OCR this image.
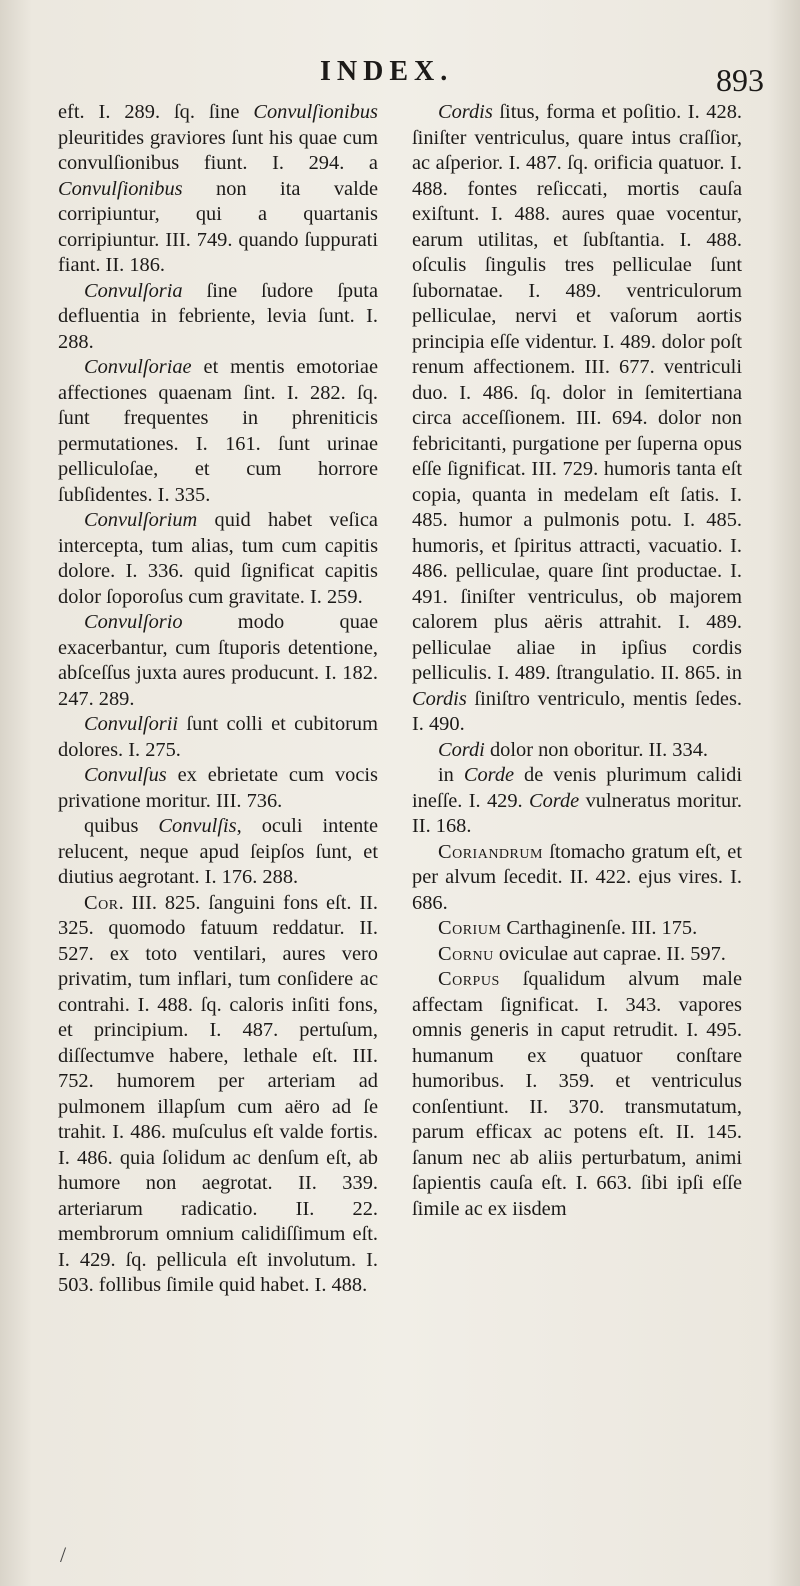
INDEX.	893

eft. I. 289. ſq. ſine Convulſionibus pleuritides graviores ſunt his quae cum convulſionibus fiunt. I. 294. a Convulſionibus non ita valde corripiuntur, qui a quartanis corripiuntur. III. 749. quando ſuppurati fiant. II. 186.

Convulſoria ſine ſudore ſputa defluentia in febriente, levia ſunt. I. 288.

Convulſoriae et mentis emotoriae affectiones quaenam ſint. I. 282. ſq. ſunt frequentes in phreniticis permutationes. I. 161. ſunt urinae pelliculoſae, et cum horrore ſubſidentes. I. 335.

Convulſorium quid habet veſica intercepta, tum alias, tum cum capitis dolore. I. 336. quid ſignificat capitis dolor ſoporoſus cum gravitate. I. 259.

Convulſorio modo quae exacerbantur, cum ſtuporis detentione, abſceſſus juxta aures producunt. I. 182. 247. 289.

Convulſorii ſunt colli et cubitorum dolores. I. 275.

Convulſus ex ebrietate cum vocis privatione moritur. III. 736.

quibus Convulſis, oculi intente relucent, neque apud ſeipſos ſunt, et diutius aegrotant. I. 176. 288.

Cor. III. 825. ſanguini fons eſt. II. 325. quomodo fatuum reddatur. II. 527. ex toto ventilari, aures vero privatim, tum inflari, tum conſidere ac contrahi. I. 488. ſq. caloris inſiti fons, et principium. I. 487. pertuſum, diſſectumve habere, lethale eſt. III. 752. humorem per arteriam ad pulmonem illapſum cum aëro ad ſe trahit. I. 486. muſculus eſt valde fortis. I. 486. quia ſolidum ac denſum eſt, ab humore non aegrotat. II. 339. arteriarum radicatio. II. 22. membrorum omnium calidiſſimum eſt. I. 429. ſq. pellicula eſt involutum. I. 503. follibus ſimile quid habet. I. 488.

Cordis ſitus, forma et poſitio. I. 428. ſiniſter ventriculus, quare intus craſſior, ac aſperior. I. 487. ſq. orificia quatuor. I. 488. fontes reſiccati, mortis cauſa exiſtunt. I. 488. aures quae vocentur, earum utilitas, et ſubſtantia. I. 488. oſculis ſingulis tres pelliculae ſunt ſubornatae. I. 489. ventriculorum pelliculae, nervi et vaſorum aortis principia eſſe videntur. I. 489. dolor poſt renum affectionem. III. 677. ventriculi duo. I. 486. ſq. dolor in ſemitertiana circa acceſſionem. III. 694. dolor non febricitanti, purgatione per ſuperna opus eſſe ſignificat. III. 729. humoris tanta eſt copia, quanta in medelam eſt ſatis. I. 485. humor a pulmonis potu. I. 485. humoris, et ſpiritus attracti, vacuatio. I. 486. pelliculae, quare ſint productae. I. 491. ſiniſter ventriculus, ob majorem calorem plus aëris attrahit. I. 489. pelliculae aliae in ipſius cordis pelliculis. I. 489. ſtrangulatio. II. 865. in Cordis ſiniſtro ventriculo, mentis ſedes. I. 490.

Cordi dolor non oboritur. II. 334.

in Corde de venis plurimum calidi ineſſe. I. 429. Corde vulneratus moritur. II. 168.

Coriandrum ſtomacho gratum eſt, et per alvum ſecedit. II. 422. ejus vires. I. 686.

Corium Carthaginenſe. III. 175.

Cornu oviculae aut caprae. II. 597.

Corpus ſqualidum alvum male affectam ſignificat. I. 343. vapores omnis generis in caput retrudit. I. 495. humanum ex quatuor conſtare humoribus. I. 359. et ventriculus conſentiunt. II. 370. transmutatum, parum efficax ac potens eſt. II. 145. ſanum nec ab aliis perturbatum, animi ſapientis cauſa eſt. I. 663. ſibi ipſi eſſe ſimile ac ex iisdem

/
